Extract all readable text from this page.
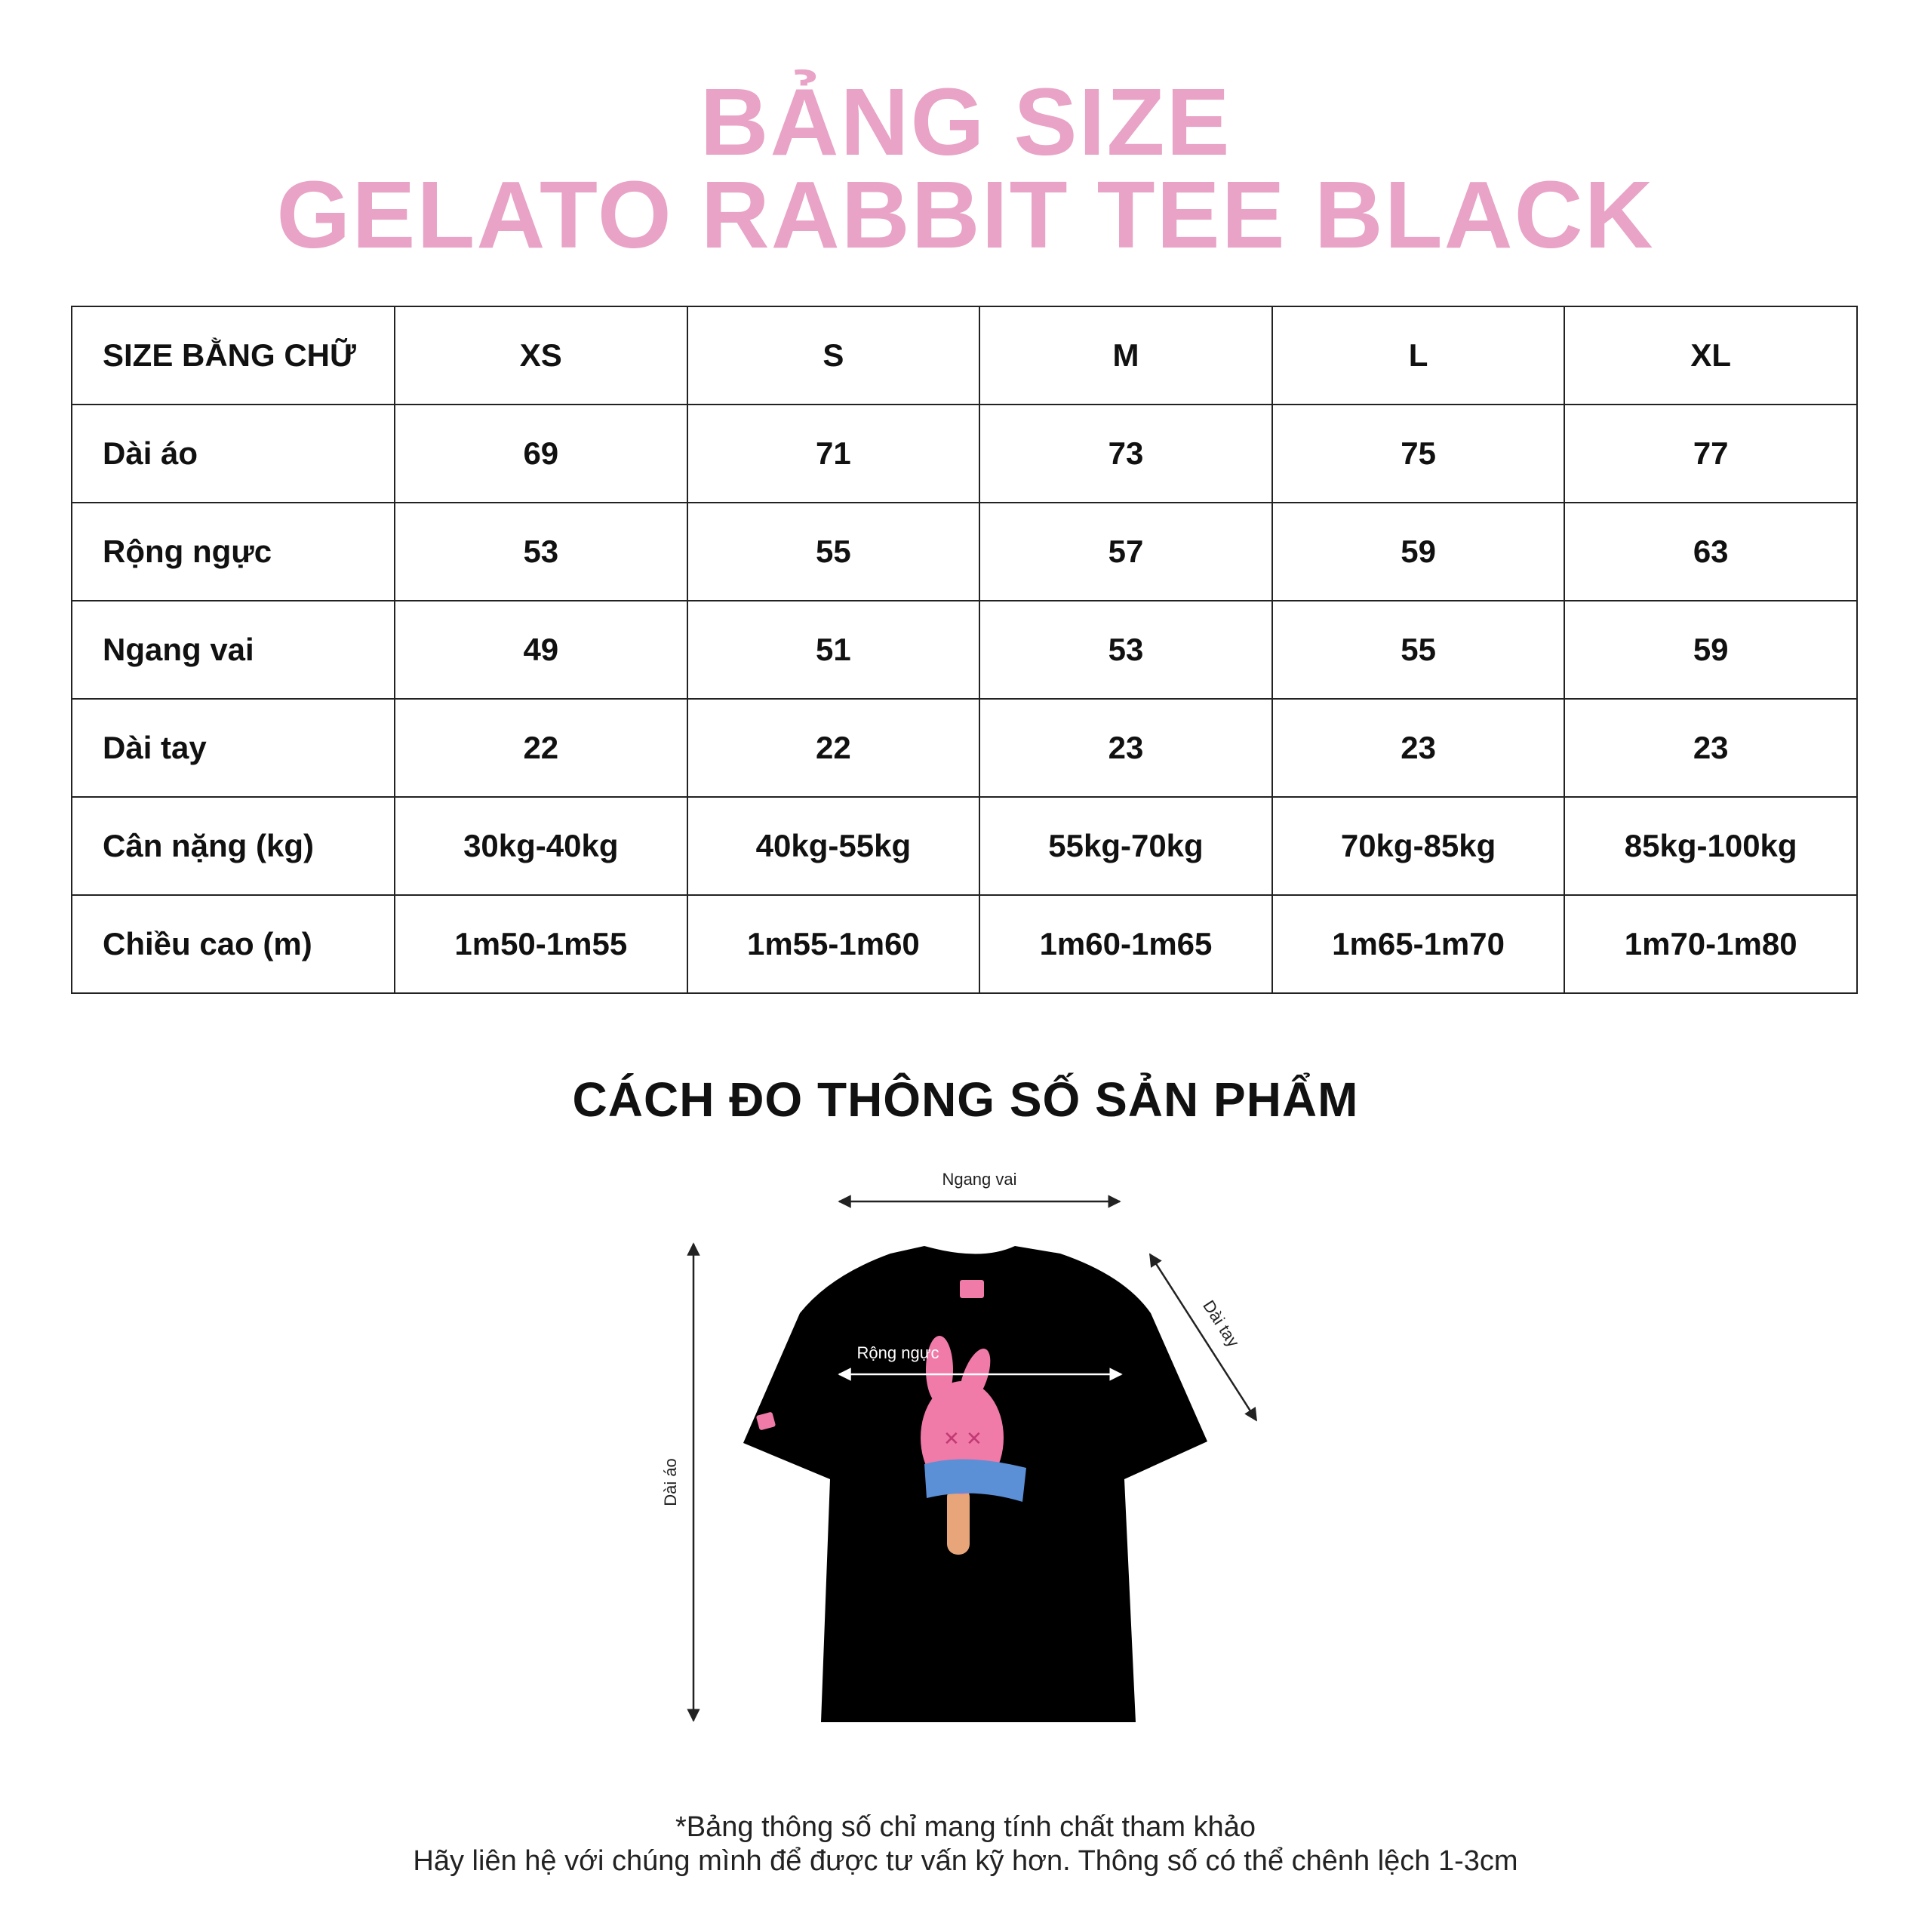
BẢNG SIZE
GELATO RABBIT TEE BLACK
SIZE BẰNG CHỮ	XS	S	M	L	XL
Dài áo	69	71	73	75	77
Rộng ngực	53	55	57	59	63
Ngang vai	49	51	53	55	59
Dài tay	22	22	23	23	23
Cân nặng (kg)	30kg-40kg	40kg-55kg	55kg-70kg	70kg-85kg	85kg-100kg
Chiều cao (m)	1m50-1m55	1m55-1m60	1m60-1m65	1m65-1m70	1m70-1m80
CÁCH ĐO THÔNG SỐ SẢN PHẨM
✕ ✕
Ngang vai
Rộng ngực
Dài tay
Dài áo

*Bảng thông số chỉ mang tính chất tham khảo

Hãy liên hệ với chúng mình để được tư vấn kỹ hơn. Thông số có thể chênh lệch 1-3cm
